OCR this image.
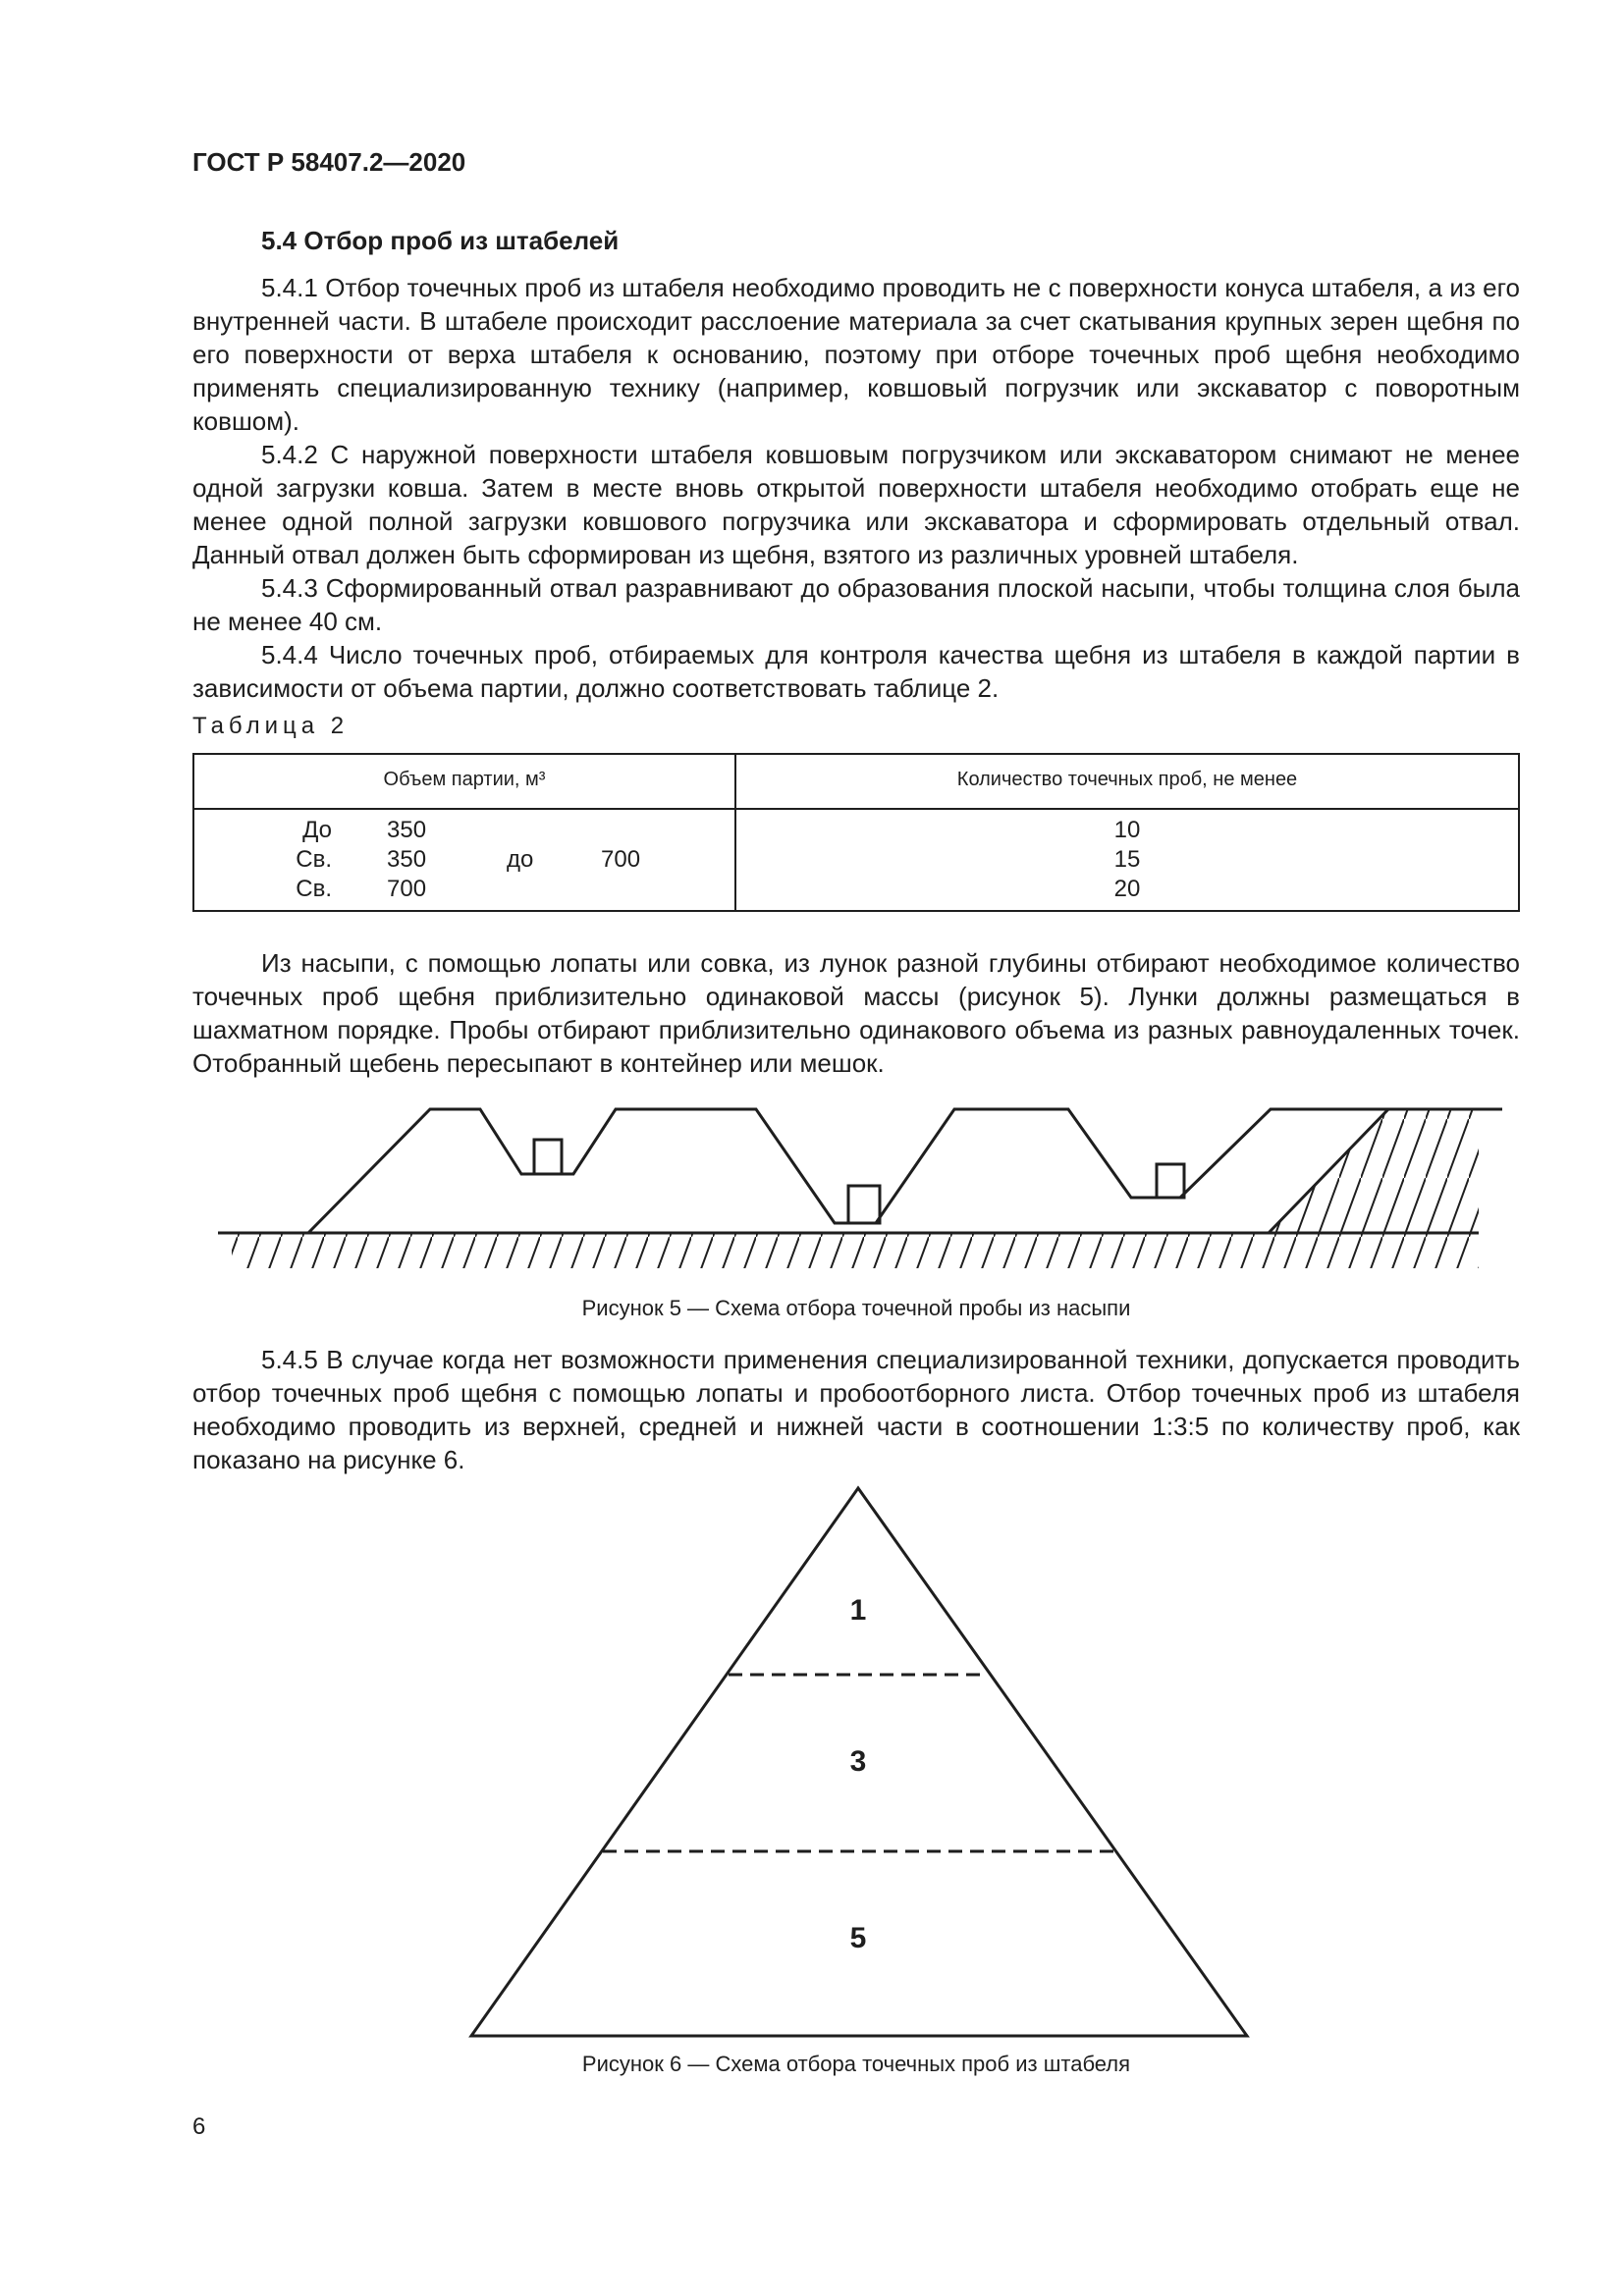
ГОСТ Р 58407.2—2020
5.4 Отбор проб из штабелей

5.4.1 Отбор точечных проб из штабеля необходимо проводить не с поверхности конуса штабеля, а из его внутренней части. В штабеле происходит расслоение материала за счет скатывания крупных зерен щебня по его поверхности от верха штабеля к основанию, поэтому при отборе точечных проб щебня необходимо применять специализированную технику (например, ковшовый погрузчик или экскаватор с поворотным ковшом).

5.4.2 С наружной поверхности штабеля ковшовым погрузчиком или экскаватором снимают не менее одной загрузки ковша. Затем в месте вновь открытой поверхности штабеля необходимо отобрать еще не менее одной полной загрузки ковшового погрузчика или экскаватора и сформировать отдельный отвал. Данный отвал должен быть сформирован из щебня, взятого из различных уровней штабеля.

5.4.3 Сформированный отвал разравнивают до образования плоской насыпи, чтобы толщина слоя была не менее 40 см.

5.4.4 Число точечных проб, отбираемых для контроля качества щебня из штабеля в каждой партии в зависимости от объема партии, должно соответствовать таблице 2.

Таблица 2
Объем партии, м³	Количество точечных проб, не менее
До 350	10
Св. 350	до	700	15
Св. 700	20

Из насыпи, с помощью лопаты или совка, из лунок разной глубины отбирают необходимое количество точечных проб щебня приблизительно одинаковой массы (рисунок 5). Лунки должны размещаться в шахматном порядке. Пробы отбирают приблизительно одинакового объема из разных равноудаленных точек. Отобранный щебень пересыпают в контейнер или мешок.

Рисунок 5 — Схема отбора точечной пробы из насыпи

5.4.5 В случае когда нет возможности применения специализированной техники, допускается проводить отбор точечных проб щебня с помощью лопаты и пробоотборного листа. Отбор точечных проб из штабеля необходимо проводить из верхней, средней и нижней части в соотношении 1:3:5 по количеству проб, как показано на рисунке 6.

1
3
5
Рисунок 6 — Схема отбора точечных проб из штабеля
6
